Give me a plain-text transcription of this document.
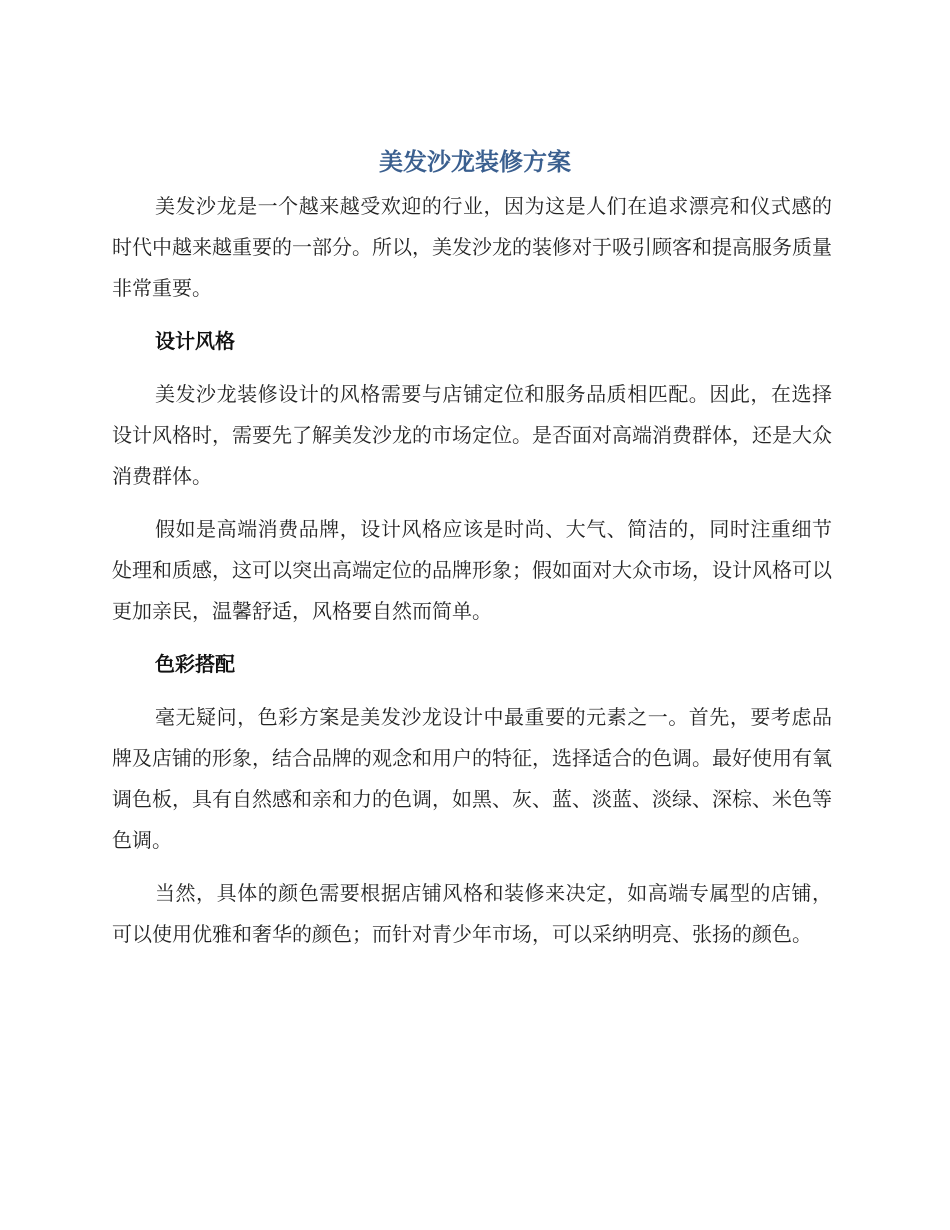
美发沙龙装修方案

美发沙龙是一个越来越受欢迎的行业，因为这是人们在追求漂亮和仪式感的时代中越来越重要的一部分。所以，美发沙龙的装修对于吸引顾客和提高服务质量非常重要。

设计风格

美发沙龙装修设计的风格需要与店铺定位和服务品质相匹配。因此，在选择设计风格时，需要先了解美发沙龙的市场定位。是否面对高端消费群体，还是大众消费群体。

假如是高端消费品牌，设计风格应该是时尚、大气、简洁的，同时注重细节处理和质感，这可以突出高端定位的品牌形象；假如面对大众市场，设计风格可以更加亲民，温馨舒适，风格要自然而简单。

色彩搭配

毫无疑问，色彩方案是美发沙龙设计中最重要的元素之一。首先，要考虑品牌及店铺的形象，结合品牌的观念和用户的特征，选择适合的色调。最好使用有氧调色板，具有自然感和亲和力的色调，如黑、灰、蓝、淡蓝、淡绿、深棕、米色等色调。

当然，具体的颜色需要根据店铺风格和装修来决定，如高端专属型的店铺，可以使用优雅和奢华的颜色；而针对青少年市场，可以采纳明亮、张扬的颜色。
